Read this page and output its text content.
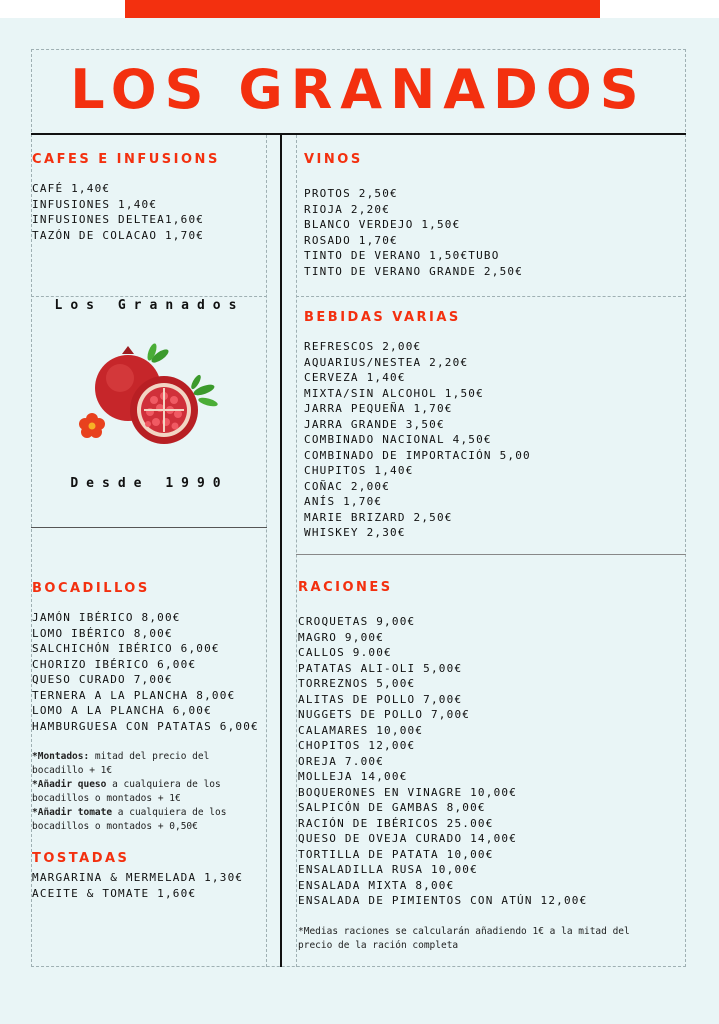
LOS GRANADOS
CAFES E INFUSIONS
CAFÉ 1,40€
INFUSIONES 1,40€
INFUSIONES DELTEA1,60€
TAZÓN DE COLACAO 1,70€
VINOS
PROTOS 2,50€
RIOJA 2,20€
BLANCO VERDEJO 1,50€
ROSADO 1,70€
TINTO DE VERANO 1,50€TUBO
TINTO DE VERANO GRANDE 2,50€
Los Granados
Desde 1990
BEBIDAS VARIAS
REFRESCOS 2,00€
AQUARIUS/NESTEA 2,20€
CERVEZA 1,40€
MIXTA/SIN ALCOHOL 1,50€
JARRA PEQUEÑA 1,70€
JARRA GRANDE 3,50€
COMBINADO NACIONAL 4,50€
COMBINADO DE IMPORTACIÓN 5,00
CHUPITOS 1,40€
COÑAC 2,00€
ANÍS 1,70€
MARIE BRIZARD 2,50€
WHISKEY 2,30€
BOCADILLOS
JAMÓN IBÉRICO 8,00€
LOMO IBÉRICO 8,00€
SALCHICHÓN IBÉRICO 6,00€
CHORIZO IBÉRICO 6,00€
QUESO CURADO 7,00€
TERNERA A LA PLANCHA 8,00€
LOMO A LA PLANCHA 6,00€
HAMBURGUESA CON PATATAS 6,00€

*Montados: mitad del precio del bocadillo + 1€

*Añadir queso a cualquiera de los bocadillos o montados + 1€

*Añadir tomate a cualquiera de los bocadillos o montados + 0,50€

TOSTADAS
MARGARINA & MERMELADA 1,30€
ACEITE & TOMATE 1,60€
RACIONES
CROQUETAS 9,00€
MAGRO 9,00€
CALLOS 9.00€
PATATAS ALI-OLI 5,00€
TORREZNOS 5,00€
ALITAS DE POLLO 7,00€
NUGGETS DE POLLO 7,00€
CALAMARES 10,00€
CHOPITOS 12,00€
OREJA 7.00€
MOLLEJA 14,00€
BOQUERONES EN VINAGRE 10,00€
SALPICÓN DE GAMBAS 8,00€
RACIÓN DE IBÉRICOS 25.00€
QUESO DE OVEJA CURADO 14,00€
TORTILLA DE PATATA 10,00€
ENSALADILLA RUSA 10,00€
ENSALADA MIXTA 8,00€
ENSALADA DE PIMIENTOS CON ATÚN 12,00€

*Medias raciones se calcularán añadiendo 1€ a la mitad del precio de la ración completa
